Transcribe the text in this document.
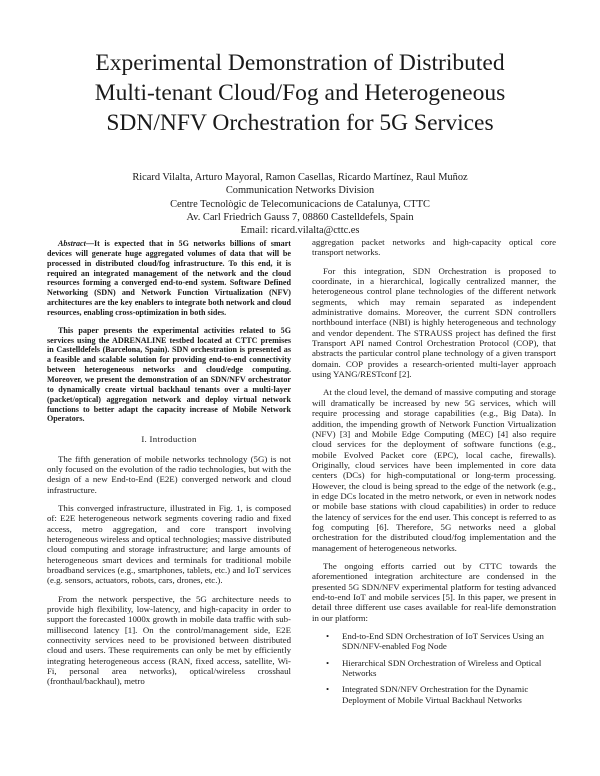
Experimental Demonstration of Distributed
Multi-tenant Cloud/Fog and Heterogeneous
SDN/NFV Orchestration for 5G Services
Ricard Vilalta, Arturo Mayoral, Ramon Casellas, Ricardo Martínez, Raul Muñoz
Communication Networks Division
Centre Tecnològic de Telecomunicacions de Catalunya, CTTC
Av. Carl Friedrich Gauss 7, 08860 Castelldefels, Spain
Email: ricard.vilalta@cttc.es

Abstract—It is expected that in 5G networks billions of smart devices will generate huge aggregated volumes of data that will be processed in distributed cloud/fog infrastructure. To this end, it is required an integrated management of the network and the cloud resources forming a converged end-to-end system. Software Defined Networking (SDN) and Network Function Virtualization (NFV) architectures are the key enablers to integrate both network and cloud resources, enabling cross-optimization in both sides.

This paper presents the experimental activities related to 5G services using the ADRENALINE testbed located at CTTC premises in Castelldefels (Barcelona, Spain). SDN orchestration is presented as a feasible and scalable solution for providing end-to-end connectivity between heterogeneous networks and cloud/edge computing. Moreover, we present the demonstration of an SDN/NFV orchestrator to dynamically create virtual backhaul tenants over a multi-layer (packet/optical) aggregation network and deploy virtual network functions to better adapt the capacity increase of Mobile Network Operators.

I. Introduction

The fifth generation of mobile networks technology (5G) is not only focused on the evolution of the radio technologies, but with the design of a new End-to-End (E2E) converged network and cloud infrastructure.

This converged infrastructure, illustrated in Fig. 1, is composed of: E2E heterogeneous network segments covering radio and fixed access, metro aggregation, and core transport involving heterogeneous wireless and optical technologies; massive distributed cloud computing and storage infrastructure; and large amounts of heterogeneous smart devices and terminals for traditional mobile broadband services (e.g., smartphones, tablets, etc.) and IoT services (e.g. sensors, actuators, robots, cars, drones, etc.).

From the network perspective, the 5G architecture needs to provide high flexibility, low-latency, and high-capacity in order to support the forecasted 1000x growth in mobile data traffic with sub-millisecond latency [1]. On the control/management side, E2E connectivity services need to be provisioned between distributed cloud and users. These requirements can only be met by efficiently integrating heterogeneous access (RAN, fixed access, satellite, Wi-Fi, personal area networks), optical/wireless crosshaul (fronthaul/backhaul), metro

aggregation packet networks and high-capacity optical core transport networks.

For this integration, SDN Orchestration is proposed to coordinate, in a hierarchical, logically centralized manner, the heterogeneous control plane technologies of the different network segments, which may remain separated as independent administrative domains. Moreover, the current SDN controllers northbound interface (NBI) is highly heterogeneous and technology and vendor dependent. The STRAUSS project has defined the first Transport API named Control Orchestration Protocol (COP), that abstracts the particular control plane technology of a given transport domain. COP provides a research-oriented multi-layer approach using YANG/RESTconf [2].

At the cloud level, the demand of massive computing and storage will dramatically be increased by new 5G services, which will require processing and storage capabilities (e.g., Big Data). In addition, the impending growth of Network Function Virtualization (NFV) [3] and Mobile Edge Computing (MEC) [4] also require cloud services for the deployment of software functions (e.g., mobile Evolved Packet core (EPC), local cache, firewalls). Originally, cloud services have been implemented in core data centers (DCs) for high-computational or long-term processing. However, the cloud is being spread to the edge of the network (e.g., in edge DCs located in the metro network, or even in network nodes or mobile base stations with cloud capabilities) in order to reduce the latency of services for the end user. This concept is referred to as fog computing [6]. Therefore, 5G networks need a global orchestration for the distributed cloud/fog implementation and the management of heterogeneous networks.

The ongoing efforts carried out by CTTC towards the aforementioned integration architecture are condensed in the presented 5G SDN/NFV experimental platform for testing advanced end-to-end IoT and mobile services [5]. In this paper, we present in detail three different use cases available for real-life demonstration in our platform:

• End-to-End SDN Orchestration of IoT Services Using an SDN/NFV-enabled Fog Node
• Hierarchical SDN Orchestration of Wireless and Optical Networks
• Integrated SDN/NFV Orchestration for the Dynamic Deployment of Mobile Virtual Backhaul Networks
